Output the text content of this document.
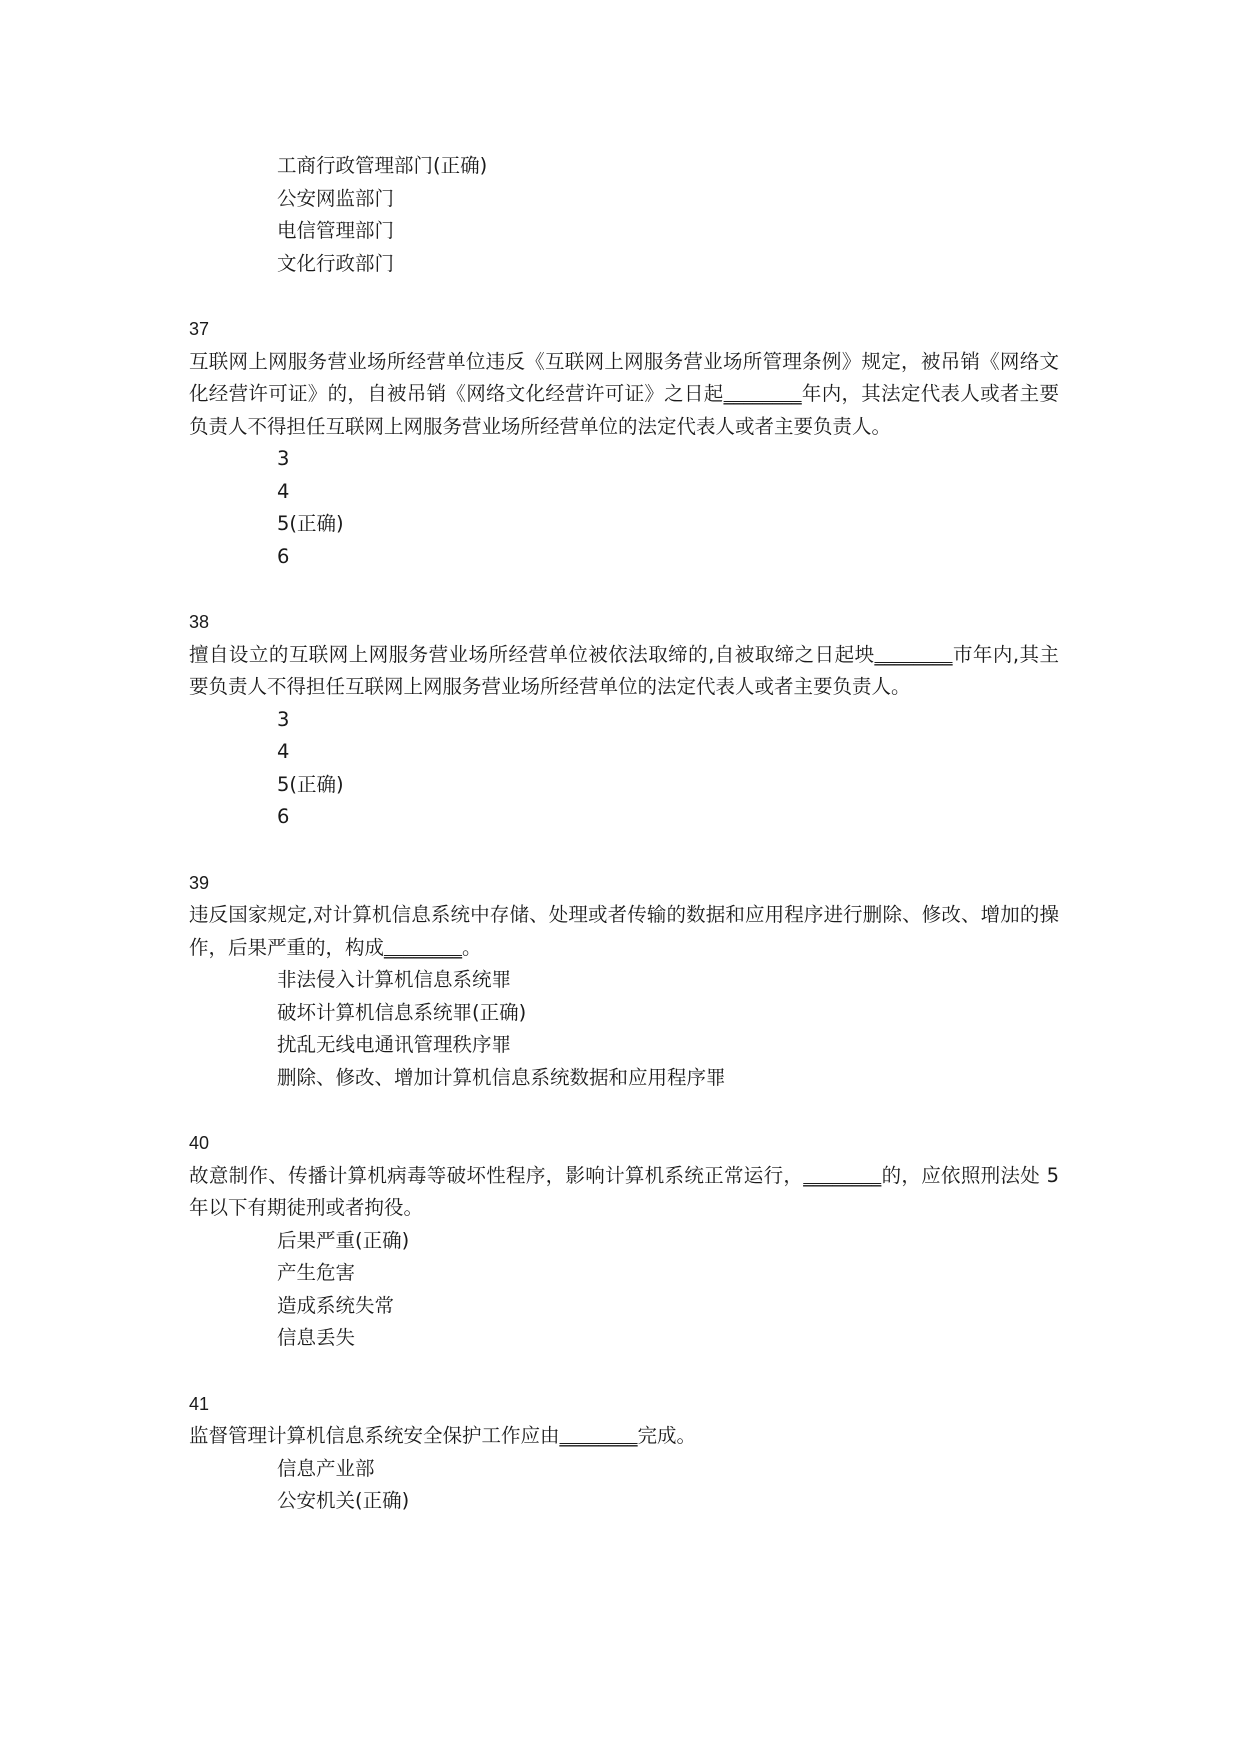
工商行政管理部门(正确)
公安网监部门
电信管理部门
文化行政部门
37
互联网上网服务营业场所经营单位违反《互联网上网服务营业场所管理条例》规定，被吊销《网络文化经营许可证》的，自被吊销《网络文化经营许可证》之日起________年内，其法定代表人或者主要负责人不得担任互联网上网服务营业场所经营单位的法定代表人或者主要负责人。
3
4
5(正确)
6
38
擅自设立的互联网上网服务营业场所经营单位被依法取缔的,自被取缔之日起坱________巿年内,其主要负责人不得担任互联网上网服务营业场所经营单位的法定代表人或者主要负责人。
3
4
5(正确)
6
39
违反国家规定,对计算机信息系统中存储、处理或者传输的数据和应用程序进行删除、修改、增加的操作，后果严重的，构成________。
非法侵入计算机信息系统罪
破坏计算机信息系统罪(正确)
扰乱无线电通讯管理秩序罪
删除、修改、增加计算机信息系统数据和应用程序罪
40
故意制作、传播计算机病毒等破坏性程序，影响计算机系统正常运行，________的，应依照刑法处 5 年以下有期徒刑或者拘役。
后果严重(正确)
产生危害
造成系统失常
信息丢失
41
监督管理计算机信息系统安全保护工作应由________完成。
信息产业部
公安机关(正确)
